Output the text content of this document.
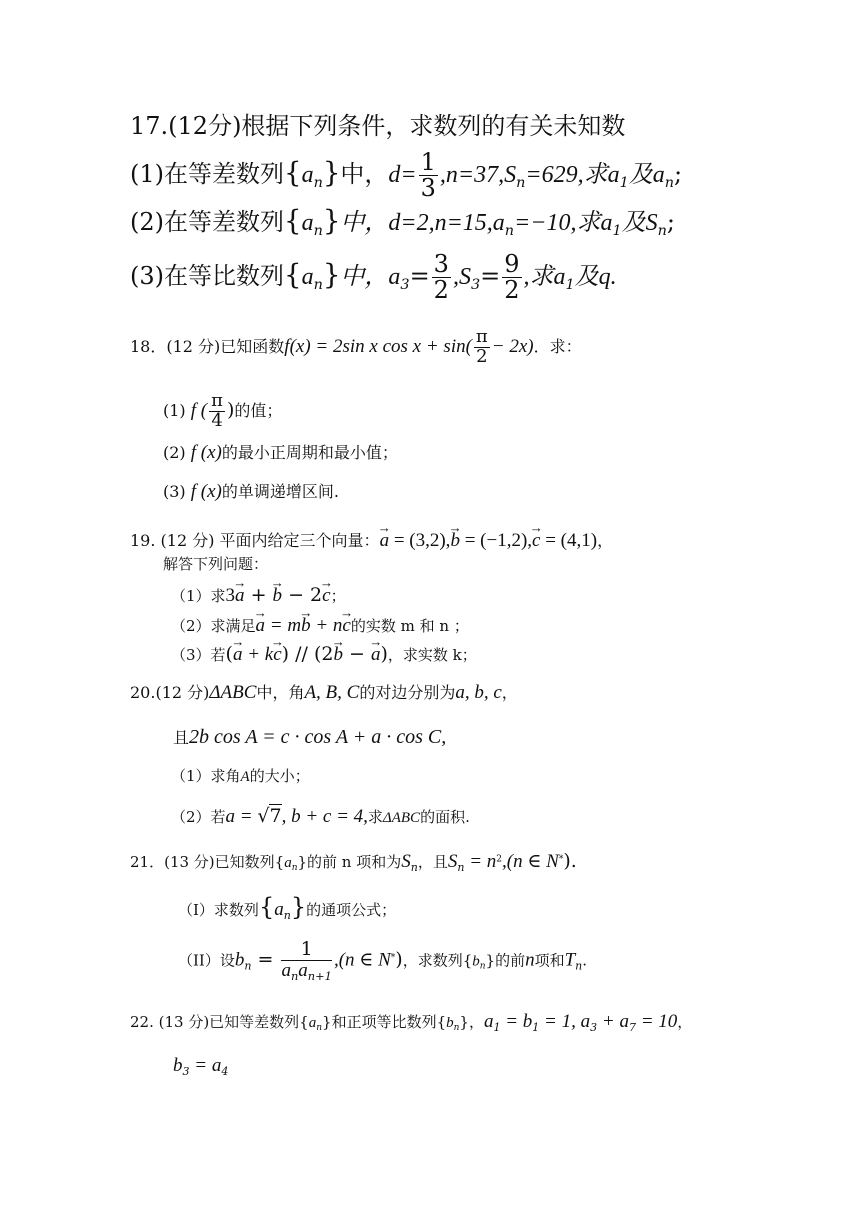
17.(12分)根据下列条件，求数列的有关未知数
(1)在等差数列$\{a_n\}$中，$d= \frac{1}{3} ,n=37,S_n=629$,求$a_1$及$a_n$;
(2)在等差数列$\{a_n\}$中，$d=2,n=15,a_n=-10$,求$a_1$及$S_n$;
(3)在等比数列$\{a_n\}$中，$a_3= \frac{3}{2} ,S_3= \frac{9}{2}$ ,求$a_1$及q.
18．(12 分)已知函数f(x) = 2sin x $\cos x + \sin( \frac{\pi}{2} - 2x)$．求：
(1) f ( $\frac{\pi}{4}$ )的值；
(2) f (x)的最小正周期和最小值；
(3) f (x)的单调递增区间.
19. (12 分) 平面内给定三个向量：→ a = (3,2),→ b = (−1,2),→ c = (4,1)，
解答下列问题：
（1）求3→ a + → b − 2→ c；
（2）求满足→ a = m→ b + n→ c的实数 m 和 n ；
（3）若(→ a + k→ c) // (2→ b − → a)，求实数 k；
20.(12 分)ΔABC中，角A, B, C的对边分别为a, b, c，
且2b cos A = c · cos A + a · cos C,
（1）求角A的大小；
（2）若a = √7, b + c = 4,求ΔABC的面积.
21．(13 分)已知数列$\{a_n\}$的前 n 项和为$S_n$，且$S_n = n^2,(n$ ∈ N*).
（I）求数列$\{a_n\}$的通项公式；
（II）设$b_n = \frac{1}{a_na_{n+1}} ,(n$ ∈ N*)，求数列$\{b_n\}$的前n项和$T_n$.
22. (13 分)已知等差数列$\{a_n\}$和正项等比数列$\{b_n\}$，$a_1 = b_1 = 1$, $a_3 + a_7 = 10$，
$b_3 = a_4$
